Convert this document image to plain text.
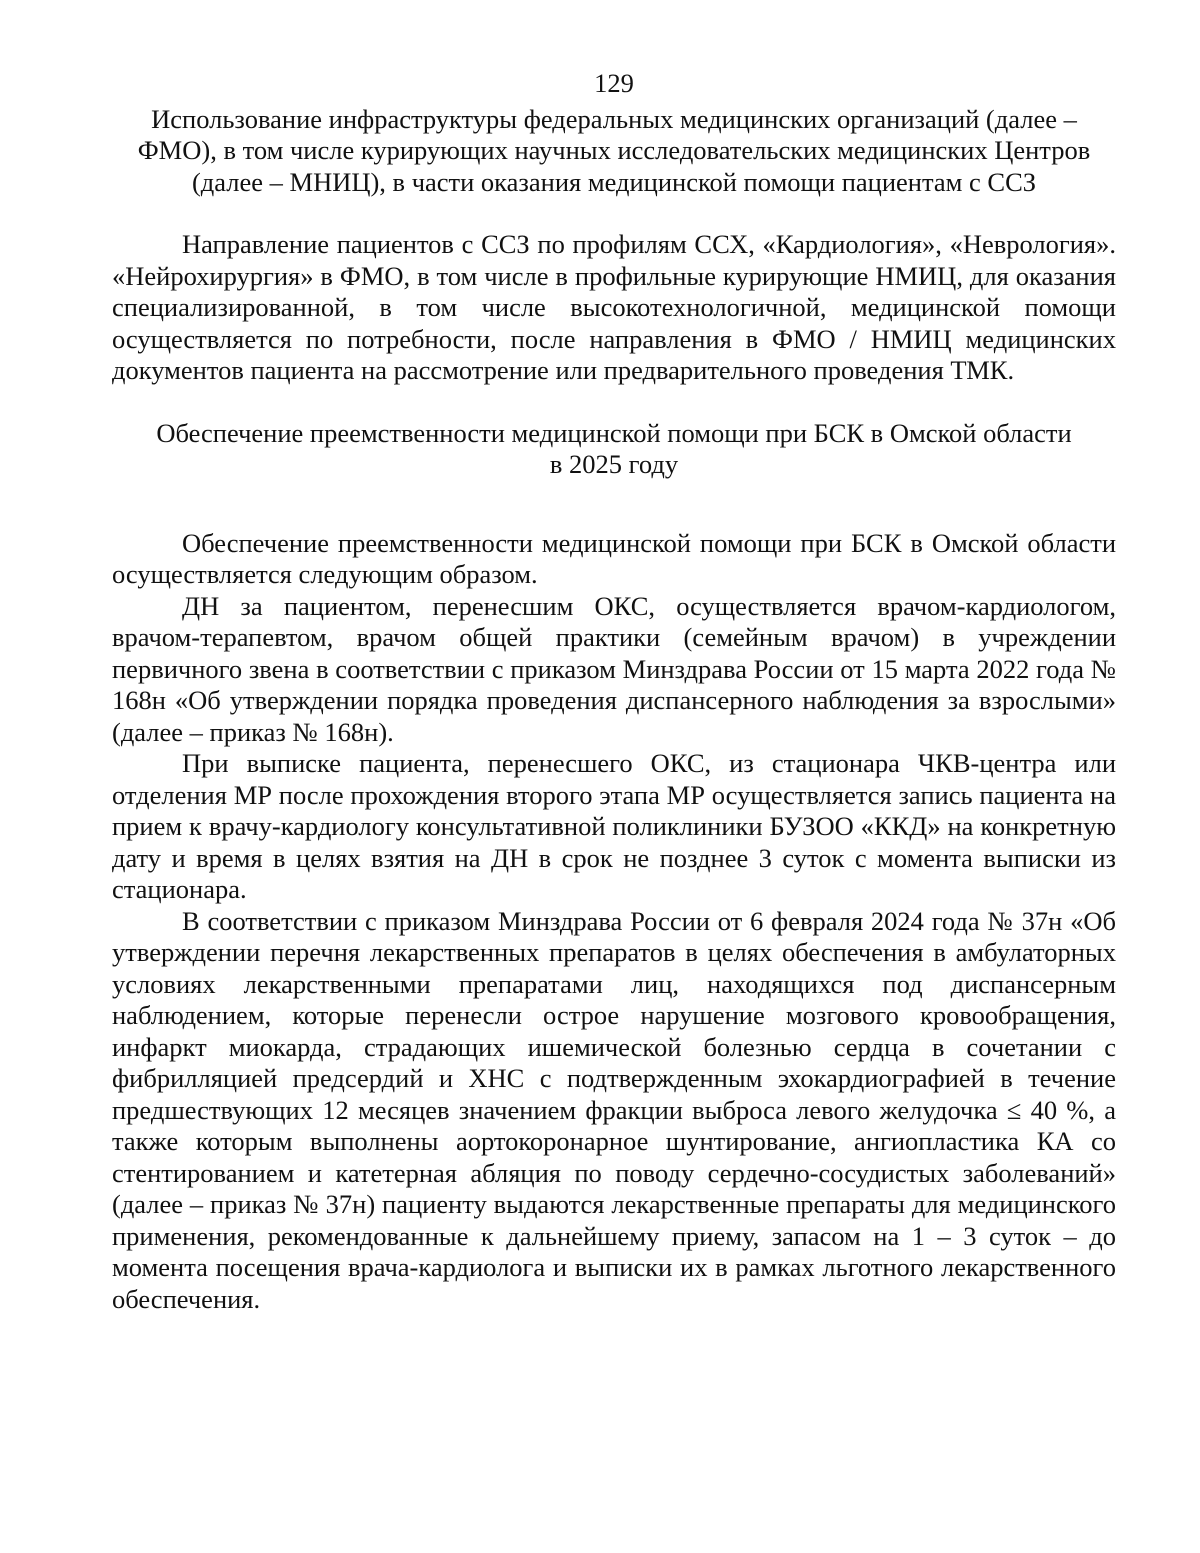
129

Использование инфраструктуры федеральных медицинских организаций (далее – ФМО), в том числе курирующих научных исследовательских медицинских Центров (далее – МНИЦ), в части оказания медицинской помощи пациентам с ССЗ

Направление пациентов с ССЗ по профилям ССХ, «Кардиология», «Неврология». «Нейрохирургия» в ФМО, в том числе в профильные курирующие НМИЦ, для оказания специализированной, в том числе высокотехнологичной, медицинской помощи осуществляется по потребности, после направления в ФМО / НМИЦ медицинских документов пациента на рассмотрение или предварительного проведения ТМК.

Обеспечение преемственности медицинской помощи при БСК в Омской области
в 2025 году

Обеспечение преемственности медицинской помощи при БСК в Омской области осуществляется следующим образом.

ДН за пациентом, перенесшим ОКС, осуществляется врачом-кардиологом, врачом-терапевтом, врачом общей практики (семейным врачом) в учреждении первичного звена в соответствии с приказом Минздрава России от 15 марта 2022 года № 168н «Об утверждении порядка проведения диспансерного наблюдения за взрослыми» (далее – приказ № 168н).

При выписке пациента, перенесшего ОКС, из стационара ЧКВ-центра или отделения МР после прохождения второго этапа МР осуществляется запись пациента на прием к врачу-кардиологу консультативной поликлиники БУЗОО «ККД» на конкретную дату и время в целях взятия на ДН в срок не позднее 3 суток с момента выписки из стационара.

В соответствии с приказом Минздрава России от 6 февраля 2024 года № 37н «Об утверждении перечня лекарственных препаратов в целях обеспечения в амбулаторных условиях лекарственными препаратами лиц, находящихся под диспансерным наблюдением, которые перенесли острое нарушение мозгового кровообращения, инфаркт миокарда, страдающих ишемической болезнью сердца в сочетании с фибрилляцией предсердий и ХНС с подтвержденным эхокардиографией в течение предшествующих 12 месяцев значением фракции выброса левого желудочка ≤ 40 %, а также которым выполнены аортокоронарное шунтирование, ангиопластика КА со стентированием и катетерная абляция по поводу сердечно-сосудистых заболеваний» (далее – приказ № 37н) пациенту выдаются лекарственные препараты для медицинского применения, рекомендованные к дальнейшему приему, запасом на 1 – 3 суток – до момента посещения врача-кардиолога и выписки их в рамках льготного лекарственного обеспечения.
